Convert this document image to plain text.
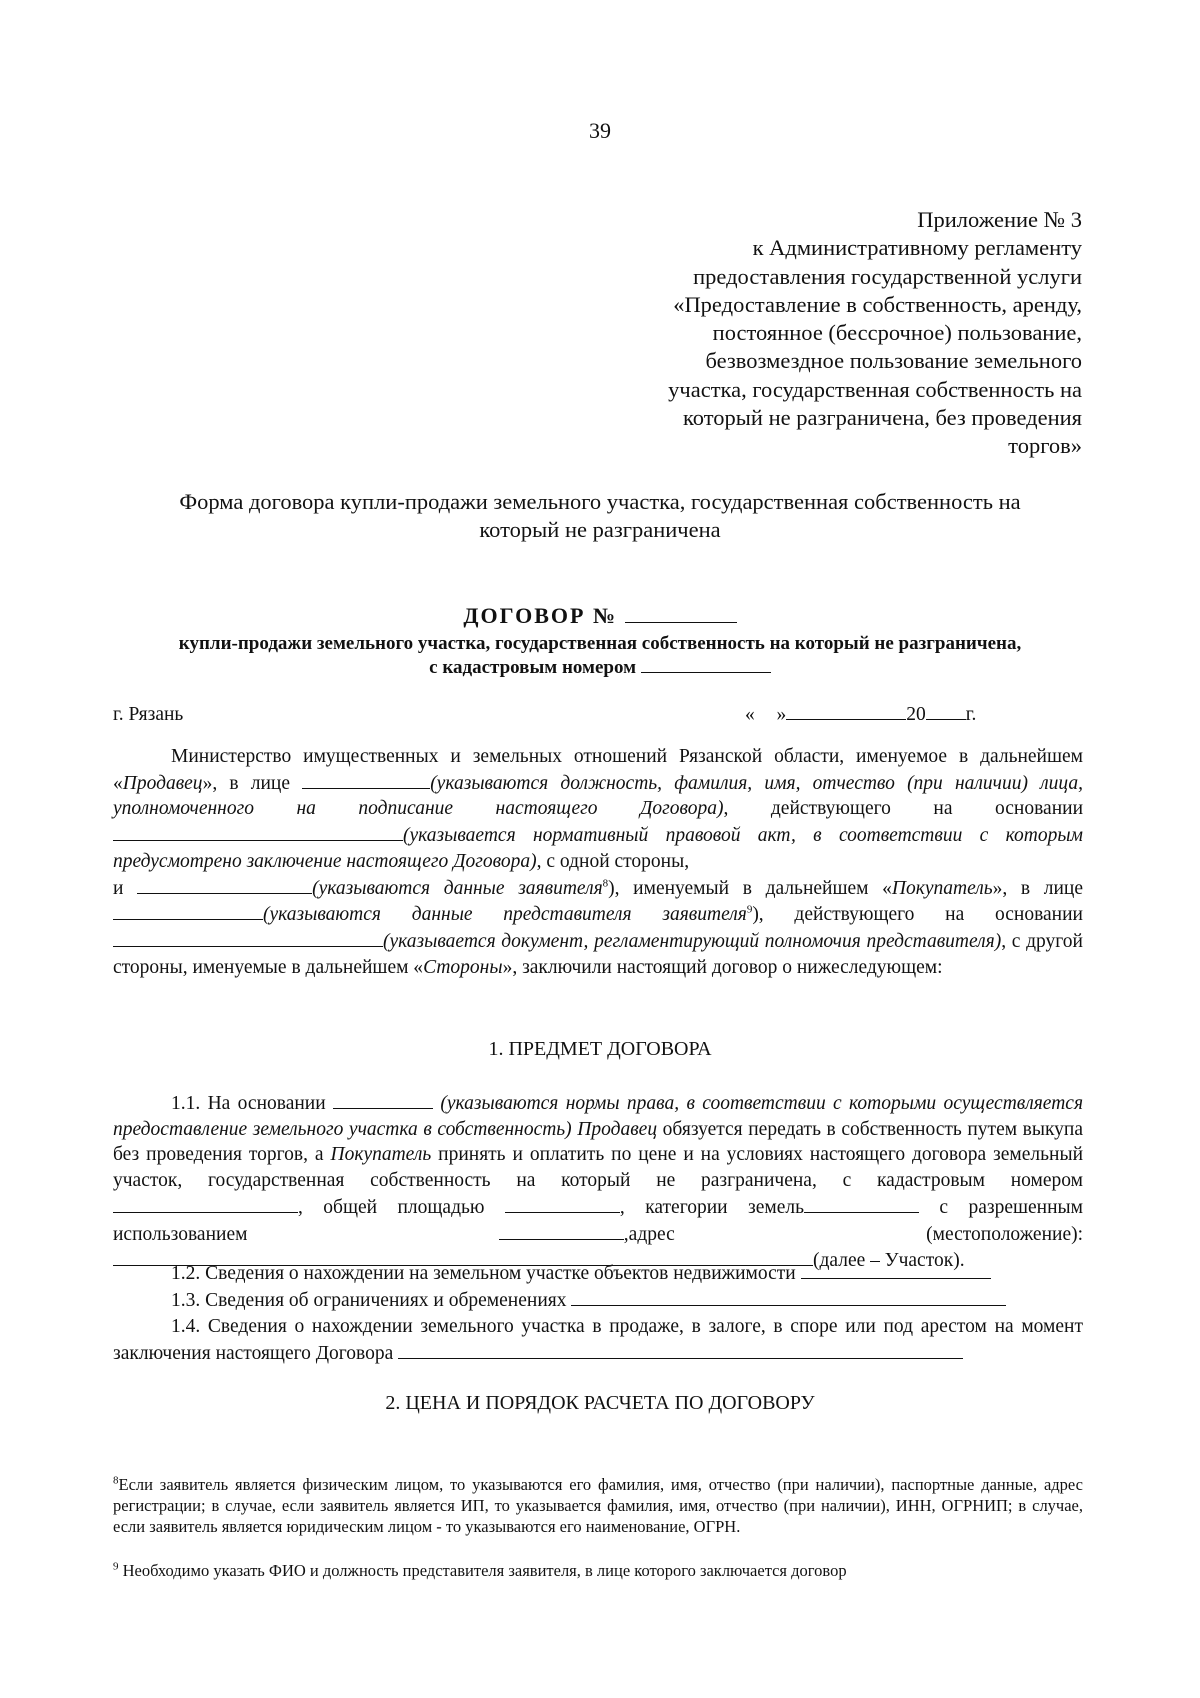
39
Приложение № 3
к Административному регламенту
предоставления государственной услуги
«Предоставление в собственность, аренду,
постоянное (бессрочное) пользование,
безвозмездное пользование земельного
участка, государственная собственность на
который не разграничена, без проведения
торгов»
Форма договора купли-продажи земельного участка, государственная собственность на
который не разграничена
ДОГОВОР №
купли-продажи земельного участка, государственная собственность на который не разграничена,
с кадастровым номером
г. Рязань	« »	20 г.
Министерство имущественных и земельных отношений Рязанской области, именуемое в дальнейшем «Продавец», в лице	(указываются должность, фамилия, имя, отчество (при наличии) лица, уполномоченного на подписание настоящего Договора), действующего на основании (указывается нормативный правовой акт, в соответствии с которым предусмотрено заключение настоящего Договора), с одной стороны,
и	(указываются данные заявителя$^8$), именуемый в дальнейшем «Покупатель», в лице (указываются данные представителя заявителя$^9$), действующего на основании (указывается документ, регламентирующий полномочия представителя), с другой стороны, именуемые в дальнейшем «Стороны», заключили настоящий договор о нижеследующем:
1. ПРЕДМЕТ ДОГОВОРА
1.1. На основании	(указываются нормы права, в соответствии с которыми осуществляется предоставление земельного участка в собственность) Продавец обязуется передать в собственность путем выкупа без проведения торгов, а Покупатель принять и оплатить по цене и на условиях настоящего договора земельный участок, государственная собственность на который не разграничена, с кадастровым номером , общей площадью	, категории земель	с разрешенным использованием	,адрес (местоположение): (далее – Участок).
1.2. Сведения о нахождении на земельном участке объектов недвижимости
1.3. Сведения об ограничениях и обременениях
1.4. Сведения о нахождении земельного участка в продаже, в залоге, в споре или под арестом на момент заключения настоящего Договора
2. ЦЕНА И ПОРЯДОК РАСЧЕТА ПО ДОГОВОРУ
$^8$Если заявитель является физическим лицом, то указываются его фамилия, имя, отчество (при наличии), паспортные данные, адрес регистрации; в случае, если заявитель является ИП, то указывается фамилия, имя, отчество (при наличии), ИНН, ОГРНИП; в случае, если заявитель является юридическим лицом - то указываются его наименование, ОГРН.
$^9$ Необходимо указать ФИО и должность представителя заявителя, в лице которого заключается договор
